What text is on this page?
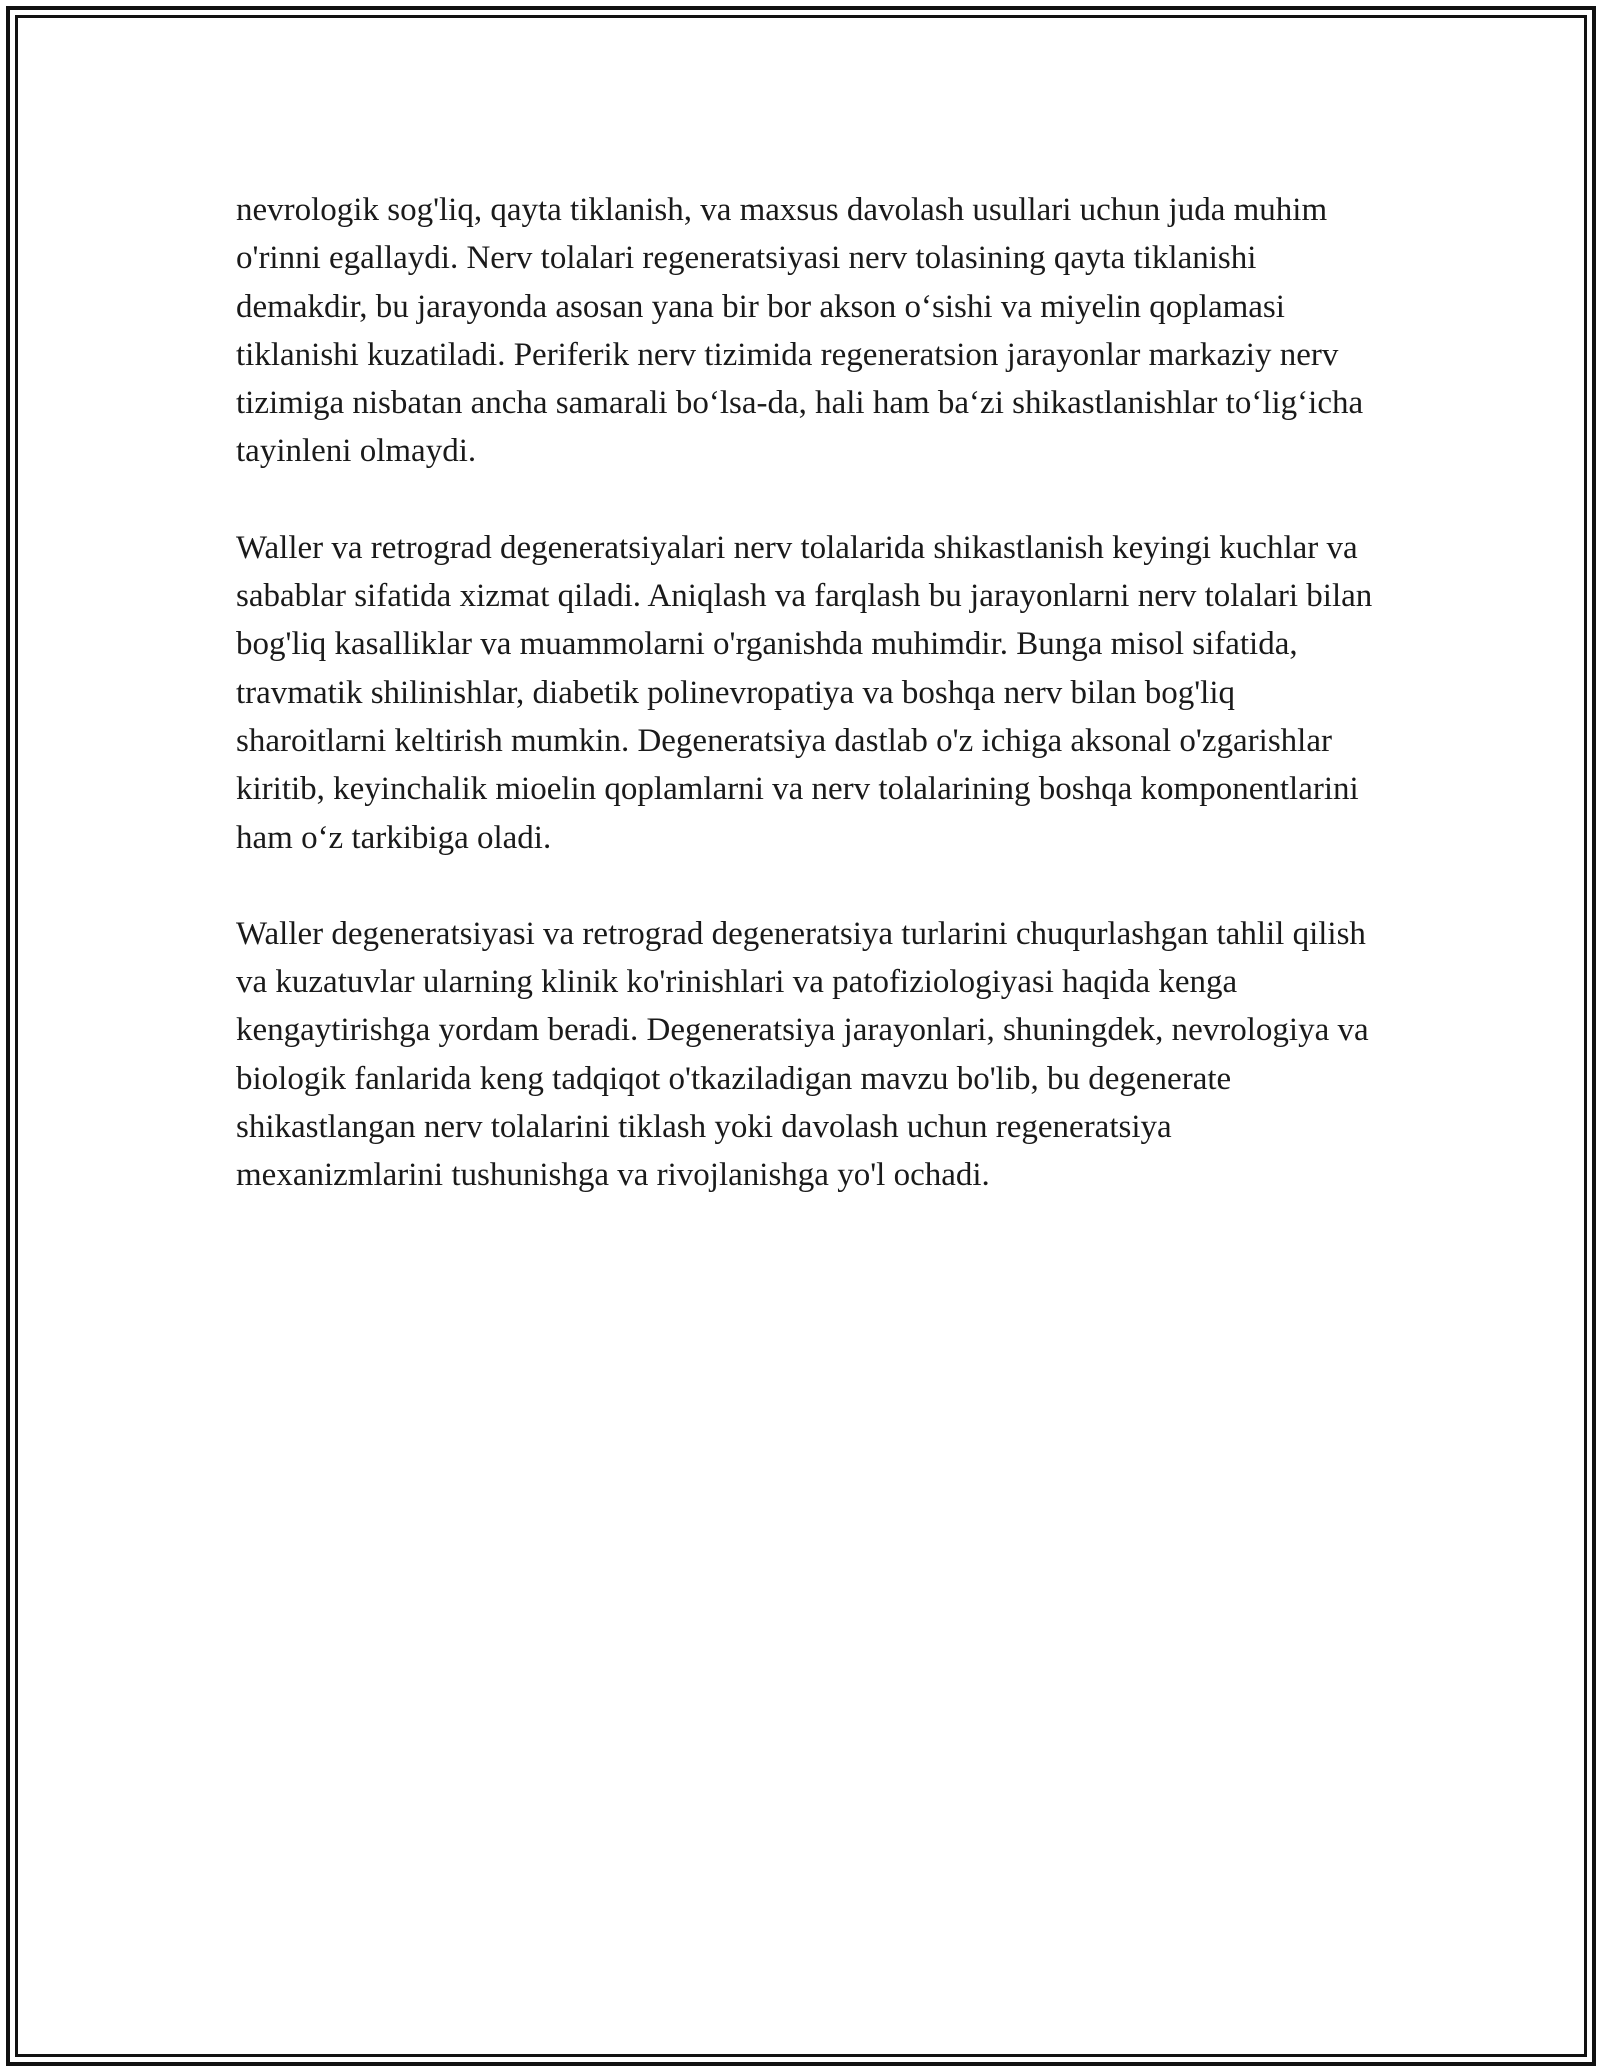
nevrologik sog'liq, qayta tiklanish, va maxsus davolash usullari uchun juda muhim o'rinni egallaydi. Nerv tolalari regeneratsiyasi nerv tolasining qayta tiklanishi demakdir, bu jarayonda asosan yana bir bor akson o‘sishi va miyelin qoplamasi tiklanishi kuzatiladi. Periferik nerv tizimida regeneratsion jarayonlar markaziy nerv tizimiga nisbatan ancha samarali bo‘lsa-da, hali ham ba‘zi shikastlanishlar to‘lig‘icha tayinleni olmaydi.

Waller va retrograd degeneratsiyalari nerv tolalarida shikastlanish keyingi kuchlar va sabablar sifatida xizmat qiladi. Aniqlash va farqlash bu jarayonlarni nerv tolalari bilan bog'liq kasalliklar va muammolarni o'rganishda muhimdir. Bunga misol sifatida, travmatik shilinishlar, diabetik polinevropatiya va boshqa nerv bilan bog'liq sharoitlarni keltirish mumkin. Degeneratsiya dastlab o'z ichiga aksonal o'zgarishlar kiritib, keyinchalik mioelin qoplamlarni va nerv tolalarining boshqa komponentlarini ham o‘z tarkibiga oladi.

Waller degeneratsiyasi va retrograd degeneratsiya turlarini chuqurlashgan tahlil qilish va kuzatuvlar ularning klinik ko'rinishlari va patofiziologiyasi haqida kenga kengaytirishga yordam beradi. Degeneratsiya jarayonlari, shuningdek, nevrologiya va biologik fanlarida keng tadqiqot o'tkaziladigan mavzu bo'lib, bu degenerate shikastlangan nerv tolalarini tiklash yoki davolash uchun regeneratsiya mexanizmlarini tushunishga va rivojlanishga yo'l ochadi.
